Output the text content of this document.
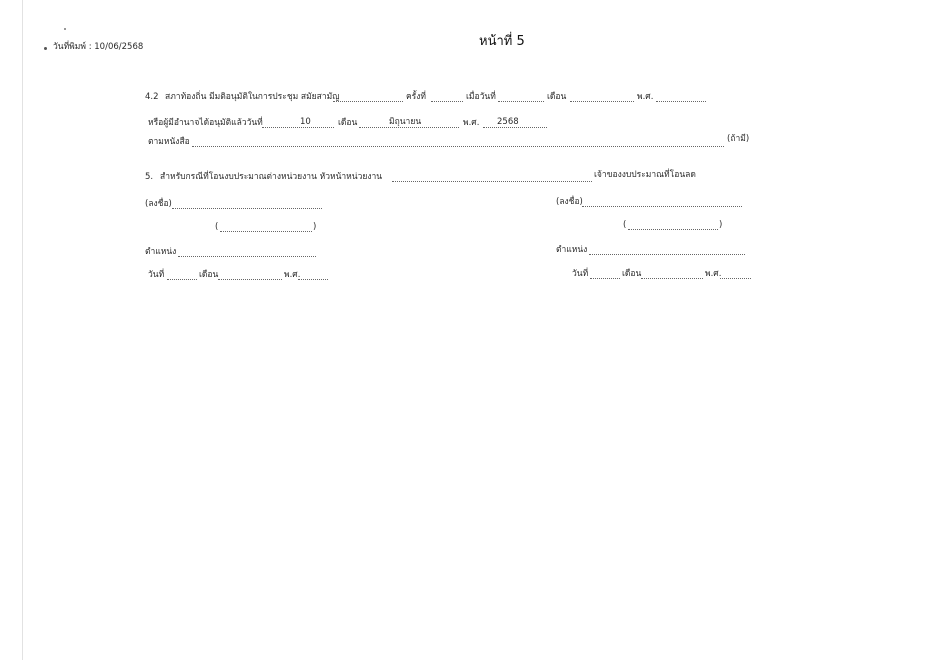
วันที่พิมพ์ : 10/06/2568	หน้าที่ 5
4.2 สภาท้องถิ่น มีมติอนุมัติในการประชุม สมัยสามัญ	ครั้งที่	เมื่อวันที่	เดือน	พ.ศ.
หรือผู้มีอำนาจได้อนุมัติแล้ววันที่	10	เดือน	มิถุนายน	พ.ศ. 2568
ตามหนังสือ	(ถ้ามี)
5. สำหรับกรณีที่โอนงบประมาณต่างหน่วยงาน หัวหน้าหน่วยงาน	เจ้าของงบประมาณที่โอนลด
(ลงชื่อ)
(	)
ตำแหน่ง
วันที่	เดือน	พ.ศ.
(ลงชื่อ)
(	)
ตำแหน่ง
วันที่	เดือน	พ.ศ.
